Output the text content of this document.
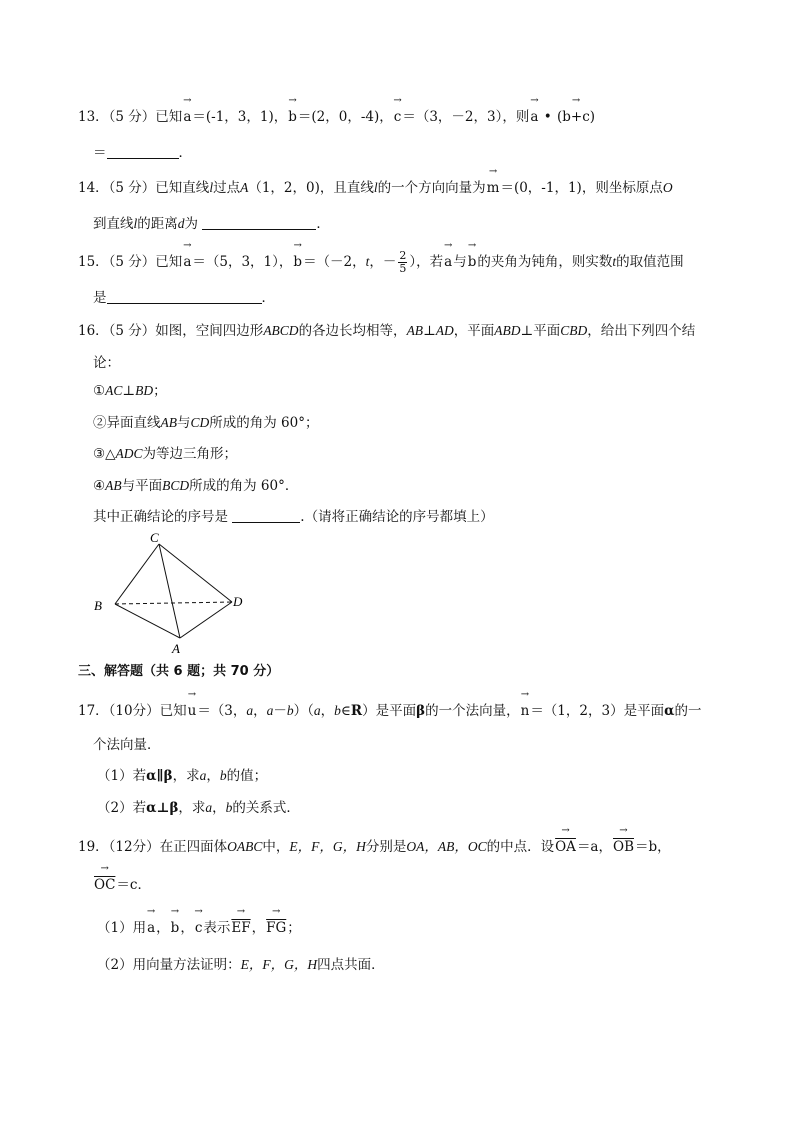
13．（5 分）已知→ a＝(-1，3，1)，→ b＝(2，0，-4)，→ c＝（3，－2，3），则→ a • → (b+c)
＝	．
14．（5 分）已知直线l过点A（1，2，0)，且直线l的一个方向向量为→ m＝(0，-1，1)，则坐标原点O
到直线l的距离d为	．
15．（5 分）已知→ a＝（5，3，1），→ b＝（－2，t，－ $\frac{2}{5}$ ），若→ a与→ b的夹角为钝角，则实数t的取值范围
是	．
16．（5 分）如图，空间四边形ABCD的各边长均相等，AB⊥AD，平面ABD⊥平面CBD，给出下列四个结
论：
①AC⊥BD；
②异面直线AB与CD所成的角为 60°；
③△ADC为等边三角形；
④AB与平面BCD所成的角为 60°．
其中正确结论的序号是	.（请将正确结论的序号都填上）
C
B	D
A
三、解答题（共 6 题；共 70 分）
17．（10分）已知→ u＝（3，a，a－b）（a，b∈R）是平面β的一个法向量，→ n＝（1，2，3）是平面α的一
个法向量．
（1）若α∥β，求a，b的值；
（2）若α⊥β，求a，b的关系式．
19．（12分）在正四面体OABC中，E，F，G，H分别是OA，AB，OC的中点．设→ $\overline{OA}=a$，→ $\overline{OB}=b$，
→ $\overline{OC}=c$．
（1）用→ a，→ b，→ c表示→ $\overline{EF}$，→ $\overline{FG}$；
（2）用向量方法证明：E，F，G，H四点共面．
